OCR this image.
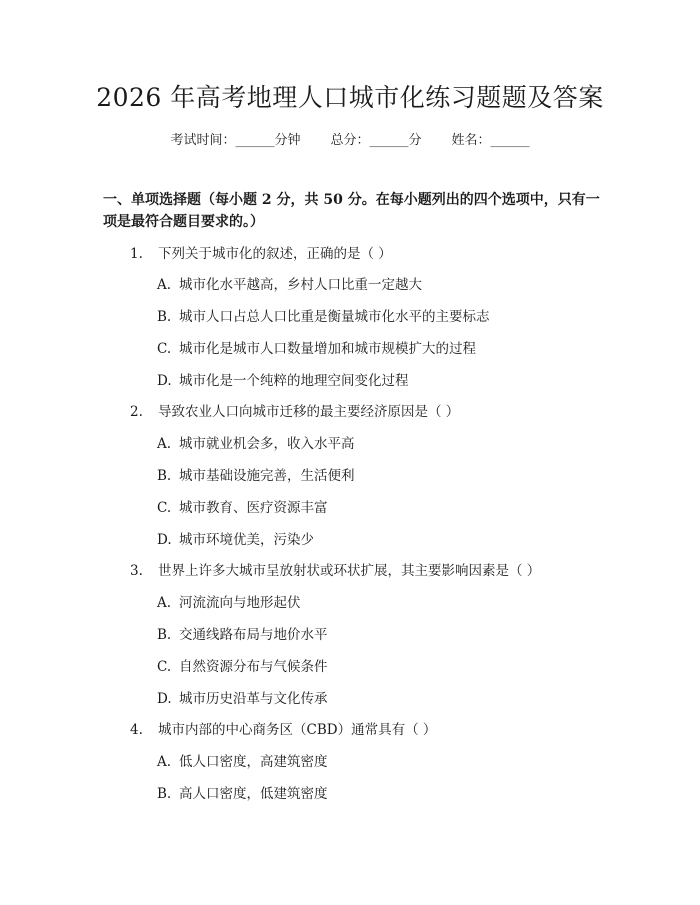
2026 年高考地理人口城市化练习题题及答案
考试时间：______分钟 总分：______分 姓名：______
一、单项选择题（每小题 2 分，共 50 分。在每小题列出的四个选项中，只有一项是最符合题目要求的。）
1. 下列关于城市化的叙述，正确的是（ ）
A. 城市化水平越高，乡村人口比重一定越大
B. 城市人口占总人口比重是衡量城市化水平的主要标志
C. 城市化是城市人口数量增加和城市规模扩大的过程
D. 城市化是一个纯粹的地理空间变化过程
2. 导致农业人口向城市迁移的最主要经济原因是（ ）
A. 城市就业机会多，收入水平高
B. 城市基础设施完善，生活便利
C. 城市教育、医疗资源丰富
D. 城市环境优美，污染少
3. 世界上许多大城市呈放射状或环状扩展，其主要影响因素是（ ）
A. 河流流向与地形起伏
B. 交通线路布局与地价水平
C. 自然资源分布与气候条件
D. 城市历史沿革与文化传承
4. 城市内部的中心商务区（CBD）通常具有（ ）
A. 低人口密度，高建筑密度
B. 高人口密度，低建筑密度
